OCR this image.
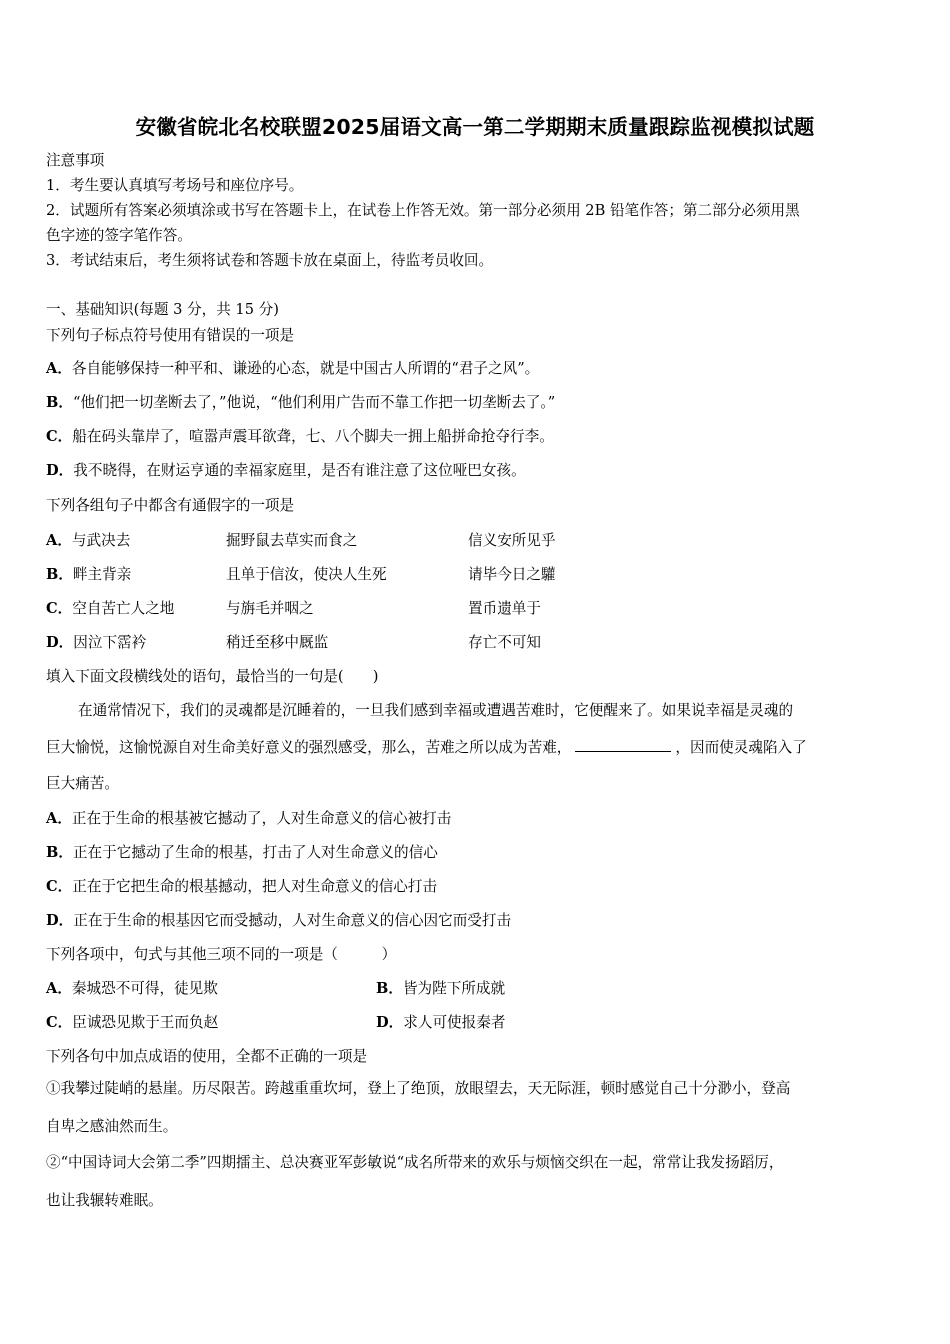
安徽省皖北名校联盟2025届语文高一第二学期期末质量跟踪监视模拟试题
注意事项
1．考生要认真填写考场号和座位序号。
2．试题所有答案必须填涂或书写在答题卡上，在试卷上作答无效。第一部分必须用 2B 铅笔作答；第二部分必须用黑
色字迹的签字笔作答。
3．考试结束后，考生须将试卷和答题卡放在桌面上，待监考员收回。
一、基础知识(每题 3 分，共 15 分)
下列句子标点符号使用有错误的一项是
A．各自能够保持一种平和、谦逊的心态，就是中国古人所谓的“君子之风”。
B．“他们把一切垄断去了，”他说，“他们利用广告而不靠工作把一切垄断去了。”
C．船在码头靠岸了，喧嚣声震耳欲聋，七、八个脚夫一拥上船拼命抢夺行李。
D．我不晓得，在财运亨通的幸福家庭里，是否有谁注意了这位哑巴女孩。
下列各组句子中都含有通假字的一项是
A．与武决去	掘野鼠去草实而食之	信义安所见乎
B．畔主背亲	且单于信汝，使决人生死	请毕今日之驩
C．空自苦亡人之地	与旃毛并咽之	置币遗单于
D．因泣下霑衿	稍迁至移中厩监	存亡不可知
填入下面文段横线处的语句，最恰当的一句是(　　)
在通常情况下，我们的灵魂都是沉睡着的，一旦我们感到幸福或遭遇苦难时，它便醒来了。如果说幸福是灵魂的
巨大愉悦，这愉悦源自对生命美好意义的强烈感受，那么，苦难之所以成为苦难，	，因而使灵魂陷入了
巨大痛苦。
A．正在于生命的根基被它撼动了，人对生命意义的信心被打击
B．正在于它撼动了生命的根基，打击了人对生命意义的信心
C．正在于它把生命的根基撼动，把人对生命意义的信心打击
D．正在于生命的根基因它而受撼动，人对生命意义的信心因它而受打击
下列各项中，句式与其他三项不同的一项是（　　　）
A．秦城恐不可得，徒见欺	B．皆为陛下所成就
C．臣诚恐见欺于王而负赵	D．求人可使报秦者
下列各句中加点成语的使用，全都不正确的一项是
①我攀过陡峭的悬崖。历尽限苦。跨越重重坎坷，登上了绝顶，放眼望去，天无际涯，顿时感觉自己十分渺小，登高
自卑之感油然而生。
②“中国诗词大会第二季”四期擂主、总决赛亚军彭敏说“成名所带来的欢乐与烦恼交织在一起，常常让我发扬蹈厉，
也让我辗转难眠。
